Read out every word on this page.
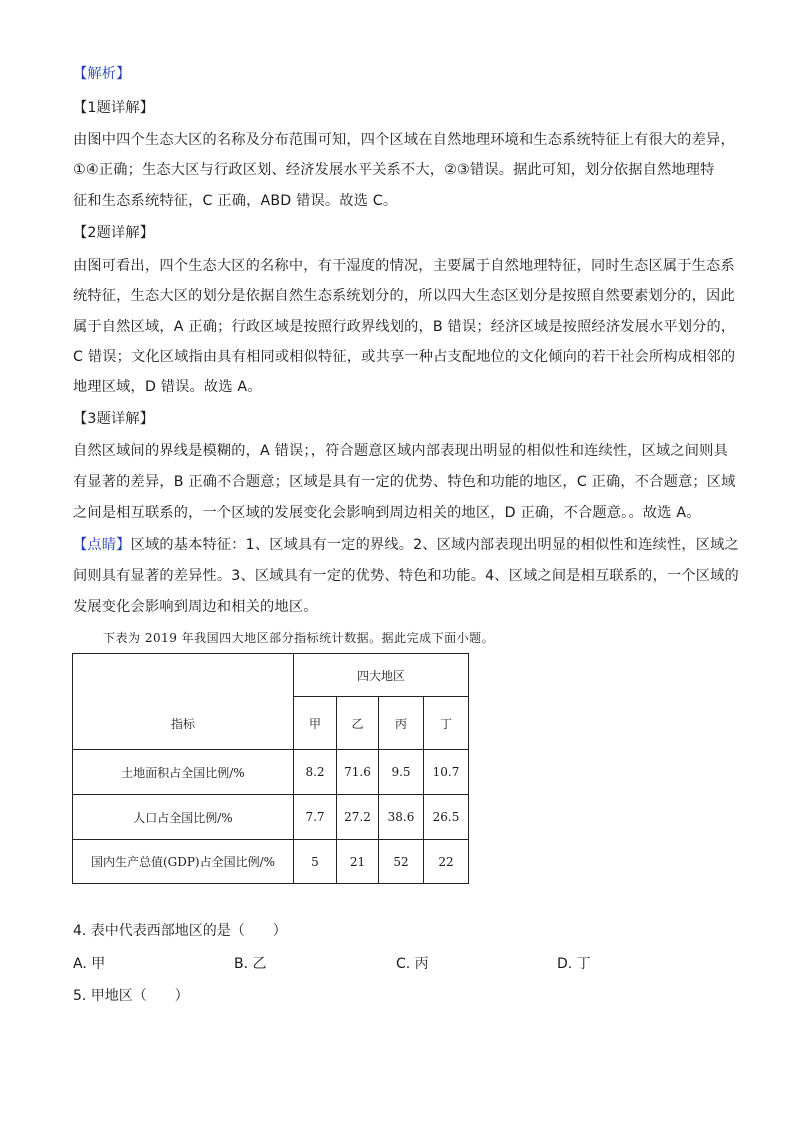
【解析】
【1题详解】
由图中四个生态大区的名称及分布范围可知，四个区域在自然地理环境和生态系统特征上有很大的差异，
①④正确；生态大区与行政区划、经济发展水平关系不大，②③错误。据此可知，划分依据自然地理特
征和生态系统特征，C 正确，ABD 错误。故选 C。
【2题详解】
由图可看出，四个生态大区的名称中，有干湿度的情况，主要属于自然地理特征，同时生态区属于生态系
统特征，生态大区的划分是依据自然生态系统划分的，所以四大生态区划分是按照自然要素划分的，因此
属于自然区域，A 正确；行政区域是按照行政界线划的，B 错误；经济区域是按照经济发展水平划分的，
C 错误；文化区域指由具有相同或相似特征，或共享一种占支配地位的文化倾向的若干社会所构成相邻的
地理区域，D 错误。故选 A。
【3题详解】
自然区域间的界线是模糊的，A 错误；，符合题意区域内部表现出明显的相似性和连续性，区域之间则具
有显著的差异，B 正确不合题意；区域是具有一定的优势、特色和功能的地区，C 正确，不合题意；区域
之间是相互联系的，一个区域的发展变化会影响到周边相关的地区，D 正确，不合题意。。故选 A。
【点睛】区域的基本特征：1、区域具有一定的界线。2、区域内部表现出明显的相似性和连续性，区域之
间则具有显著的差异性。3、区域具有一定的优势、特色和功能。4、区域之间是相互联系的，一个区域的
发展变化会影响到周边和相关的地区。
下表为 2019 年我国四大地区部分指标统计数据。据此完成下面小题。
指标	四大地区			
	甲	乙	丙	丁
土地面积占全国比例/%	8.2	71.6	9.5	10.7
人口占全国比例/%	7.7	27.2	38.6	26.5
国内生产总值(GDP)占全国比例/%	5	21	52	22
4. 表中代表西部地区的是（　　）
A. 甲	B. 乙	C. 丙	D. 丁
5. 甲地区（　　）
